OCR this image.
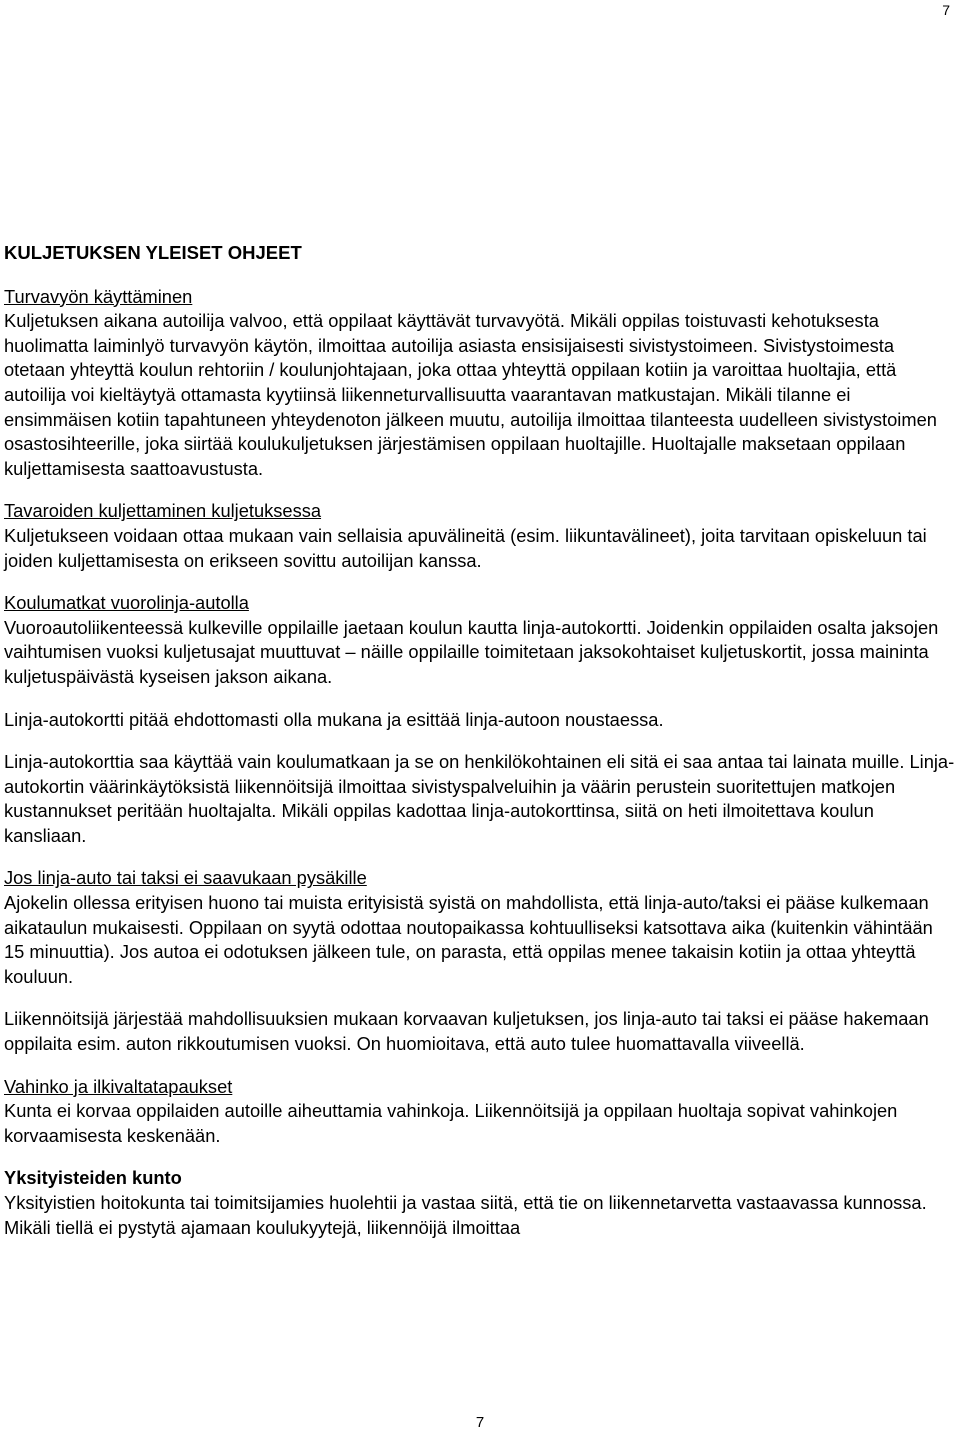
7
KULJETUKSEN YLEISET OHJEET
Turvavyön käyttäminen

Kuljetuksen aikana autoilija valvoo, että oppilaat käyttävät turvavyötä. Mikäli oppilas toistuvasti kehotuksesta huolimatta laiminlyö turvavyön käytön, ilmoittaa autoilija asiasta ensisijaisesti sivistystoimeen. Sivistystoimesta otetaan yhteyttä koulun rehtoriin / koulunjohtajaan, joka ottaa yhteyttä oppilaan kotiin ja varoittaa huoltajia, että autoilija voi kieltäytyä ottamasta kyytiinsä liikenneturvallisuutta vaarantavan matkustajan. Mikäli tilanne ei ensimmäisen kotiin tapahtuneen yhteydenoton jälkeen muutu, autoilija ilmoittaa tilanteesta uudelleen sivistystoimen osastosihteerille, joka siirtää koulukuljetuksen järjestämisen oppilaan huoltajille. Huoltajalle maksetaan oppilaan kuljettamisesta saattoavustusta.

Tavaroiden kuljettaminen kuljetuksessa

Kuljetukseen voidaan ottaa mukaan vain sellaisia apuvälineitä (esim. liikuntavälineet), joita tarvitaan opiskeluun tai joiden kuljettamisesta on erikseen sovittu autoilijan kanssa.

Koulumatkat vuorolinja-autolla

Vuoroautoliikenteessä kulkeville oppilaille jaetaan koulun kautta linja-autokortti. Joidenkin oppilaiden osalta jaksojen vaihtumisen vuoksi kuljetusajat muuttuvat – näille oppilaille toimitetaan jaksokohtaiset kuljetuskortit, jossa maininta kuljetuspäivästä kyseisen jakson aikana.

Linja-autokortti pitää ehdottomasti olla mukana ja esittää linja-autoon noustaessa.

Linja-autokorttia saa käyttää vain koulumatkaan ja se on henkilökohtainen eli sitä ei saa antaa tai lainata muille. Linja-autokortin väärinkäytöksistä liikennöitsijä ilmoittaa sivistyspalveluihin ja väärin perustein suoritettujen matkojen kustannukset peritään huoltajalta. Mikäli oppilas kadottaa linja-autokorttinsa, siitä on heti ilmoitettava koulun kansliaan.

Jos linja-auto tai taksi ei saavukaan pysäkille

Ajokelin ollessa erityisen huono tai muista erityisistä syistä on mahdollista, että linja-auto/taksi ei pääse kulkemaan aikataulun mukaisesti. Oppilaan on syytä odottaa noutopaikassa kohtuulliseksi katsottava aika (kuitenkin vähintään 15 minuuttia). Jos autoa ei odotuksen jälkeen tule, on parasta, että oppilas menee takaisin kotiin ja ottaa yhteyttä kouluun.

Liikennöitsijä järjestää mahdollisuuksien mukaan korvaavan kuljetuksen, jos linja-auto tai taksi ei pääse hakemaan oppilaita esim. auton rikkoutumisen vuoksi. On huomioitava, että auto tulee huomattavalla viiveellä.

Vahinko ja ilkivaltatapaukset

Kunta ei korvaa oppilaiden autoille aiheuttamia vahinkoja. Liikennöitsijä ja oppilaan huoltaja sopivat vahinkojen korvaamisesta keskenään.

Yksityisteiden kunto

Yksityistien hoitokunta tai toimitsijamies huolehtii ja vastaa siitä, että tie on liikennetarvetta vastaavassa kunnossa. Mikäli tiellä ei pystytä ajamaan koulukyytejä, liikennöijä ilmoittaa

7
